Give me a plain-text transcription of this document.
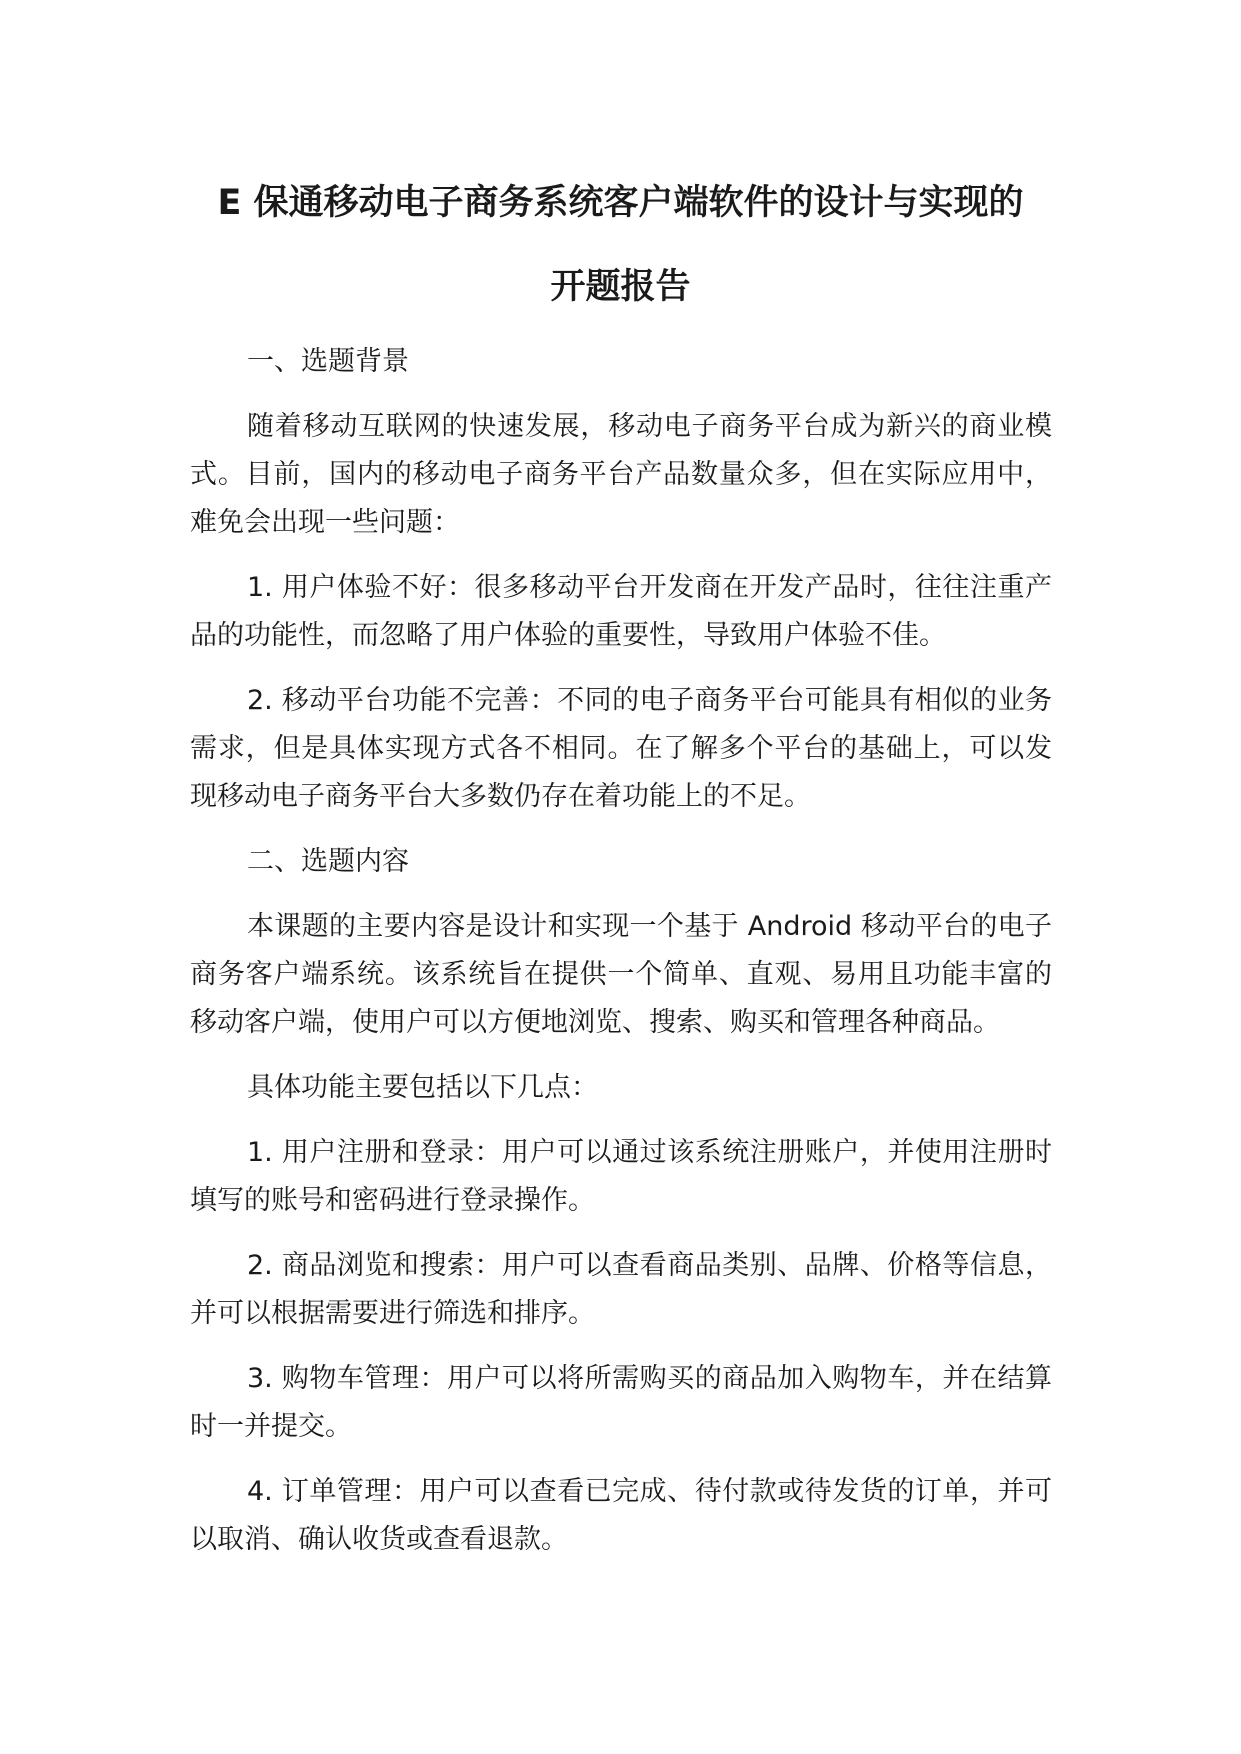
E 保通移动电子商务系统客户端软件的设计与实现的
开题报告

一、选题背景

随着移动互联网的快速发展，移动电子商务平台成为新兴的商业模式。目前，国内的移动电子商务平台产品数量众多，但在实际应用中，难免会出现一些问题：

1. 用户体验不好：很多移动平台开发商在开发产品时，往往注重产品的功能性，而忽略了用户体验的重要性，导致用户体验不佳。

2. 移动平台功能不完善：不同的电子商务平台可能具有相似的业务需求，但是具体实现方式各不相同。在了解多个平台的基础上，可以发现移动电子商务平台大多数仍存在着功能上的不足。

二、选题内容

本课题的主要内容是设计和实现一个基于 Android 移动平台的电子商务客户端系统。该系统旨在提供一个简单、直观、易用且功能丰富的移动客户端，使用户可以方便地浏览、搜索、购买和管理各种商品。

具体功能主要包括以下几点：

1. 用户注册和登录：用户可以通过该系统注册账户，并使用注册时填写的账号和密码进行登录操作。

2. 商品浏览和搜索：用户可以查看商品类别、品牌、价格等信息，并可以根据需要进行筛选和排序。

3. 购物车管理：用户可以将所需购买的商品加入购物车，并在结算时一并提交。

4. 订单管理：用户可以查看已完成、待付款或待发货的订单，并可以取消、确认收货或查看退款。
